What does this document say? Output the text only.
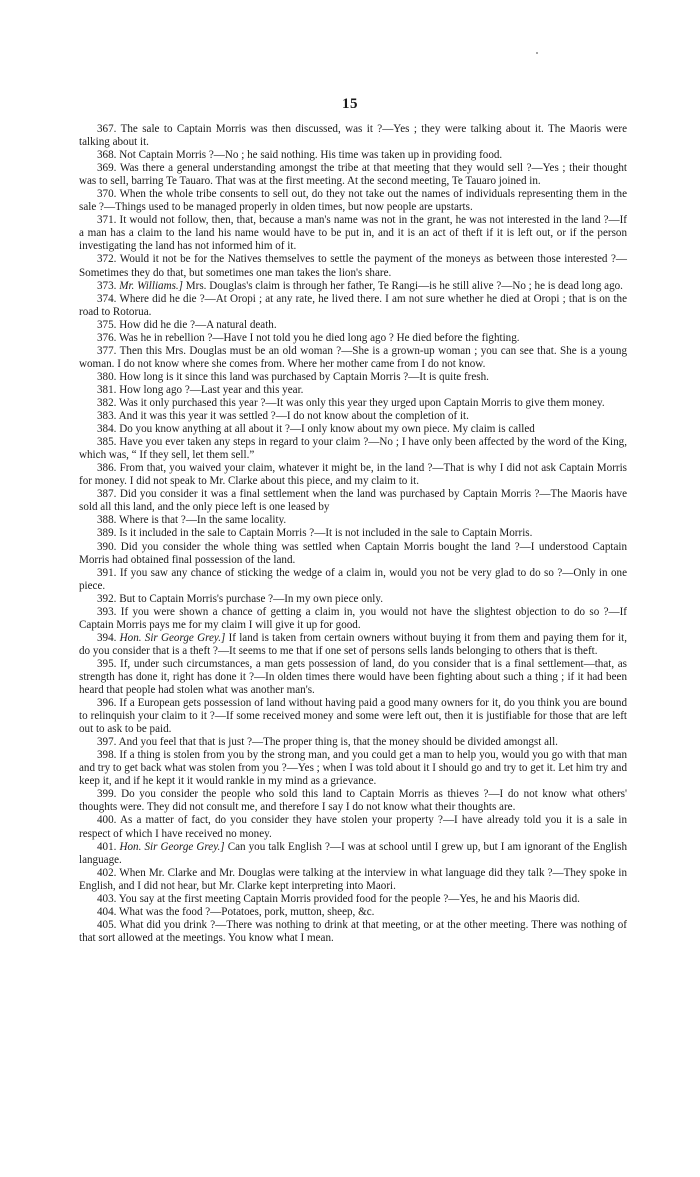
15

367. The sale to Captain Morris was then discussed, was it ?—Yes ; they were talking about it. The Maoris were talking about it.

368. Not Captain Morris ?—No ; he said nothing. His time was taken up in providing food.

369. Was there a general understanding amongst the tribe at that meeting that they would sell ?—Yes ; their thought was to sell, barring Te Tauaro. That was at the first meeting. At the second meeting, Te Tauaro joined in.

370. When the whole tribe consents to sell out, do they not take out the names of individuals representing them in the sale ?—Things used to be managed properly in olden times, but now people are upstarts.

371. It would not follow, then, that, because a man's name was not in the grant, he was not interested in the land ?—If a man has a claim to the land his name would have to be put in, and it is an act of theft if it is left out, or if the person investigating the land has not informed him of it.

372. Would it not be for the Natives themselves to settle the payment of the moneys as between those interested ?—Sometimes they do that, but sometimes one man takes the lion's share.

373. Mr. Williams.] Mrs. Douglas's claim is through her father, Te Rangi—is he still alive ?—No ; he is dead long ago.

374. Where did he die ?—At Oropi ; at any rate, he lived there. I am not sure whether he died at Oropi ; that is on the road to Rotorua.

375. How did he die ?—A natural death.

376. Was he in rebellion ?—Have I not told you he died long ago ? He died before the fighting.

377. Then this Mrs. Douglas must be an old woman ?—She is a grown-up woman ; you can see that. She is a young woman. I do not know where she comes from. Where her mother came from I do not know.

380. How long is it since this land was purchased by Captain Morris ?—It is quite fresh.

381. How long ago ?—Last year and this year.

382. Was it only purchased this year ?—It was only this year they urged upon Captain Morris to give them money.

383. And it was this year it was settled ?—I do not know about the completion of it.

384. Do you know anything at all about it ?—I only know about my own piece. My claim is called

385. Have you ever taken any steps in regard to your claim ?—No ; I have only been affected by the word of the King, which was, “ If they sell, let them sell.”

386. From that, you waived your claim, whatever it might be, in the land ?—That is why I did not ask Captain Morris for money. I did not speak to Mr. Clarke about this piece, and my claim to it.

387. Did you consider it was a final settlement when the land was purchased by Captain Morris ?—The Maoris have sold all this land, and the only piece left is one leased by

388. Where is that ?—In the same locality.

389. Is it included in the sale to Captain Morris ?—It is not included in the sale to Captain Morris.

390. Did you consider the whole thing was settled when Captain Morris bought the land ?—I understood Captain Morris had obtained final possession of the land.

391. If you saw any chance of sticking the wedge of a claim in, would you not be very glad to do so ?—Only in one piece.

392. But to Captain Morris's purchase ?—In my own piece only.

393. If you were shown a chance of getting a claim in, you would not have the slightest objection to do so ?—If Captain Morris pays me for my claim I will give it up for good.

394. Hon. Sir George Grey.] If land is taken from certain owners without buying it from them and paying them for it, do you consider that is a theft ?—It seems to me that if one set of persons sells lands belonging to others that is theft.

395. If, under such circumstances, a man gets possession of land, do you consider that is a final settlement—that, as strength has done it, right has done it ?—In olden times there would have been fighting about such a thing ; if it had been heard that people had stolen what was another man's.

396. If a European gets possession of land without having paid a good many owners for it, do you think you are bound to relinquish your claim to it ?—If some received money and some were left out, then it is justifiable for those that are left out to ask to be paid.

397. And you feel that that is just ?—The proper thing is, that the money should be divided amongst all.

398. If a thing is stolen from you by the strong man, and you could get a man to help you, would you go with that man and try to get back what was stolen from you ?—Yes ; when I was told about it I should go and try to get it. Let him try and keep it, and if he kept it it would rankle in my mind as a grievance.

399. Do you consider the people who sold this land to Captain Morris as thieves ?—I do not know what others' thoughts were. They did not consult me, and therefore I say I do not know what their thoughts are.

400. As a matter of fact, do you consider they have stolen your property ?—I have already told you it is a sale in respect of which I have received no money.

401. Hon. Sir George Grey.] Can you talk English ?—I was at school until I grew up, but I am ignorant of the English language.

402. When Mr. Clarke and Mr. Douglas were talking at the interview in what language did they talk ?—They spoke in English, and I did not hear, but Mr. Clarke kept interpreting into Maori.

403. You say at the first meeting Captain Morris provided food for the people ?—Yes, he and his Maoris did.

404. What was the food ?—Potatoes, pork, mutton, sheep, &c.

405. What did you drink ?—There was nothing to drink at that meeting, or at the other meeting. There was nothing of that sort allowed at the meetings. You know what I mean.
